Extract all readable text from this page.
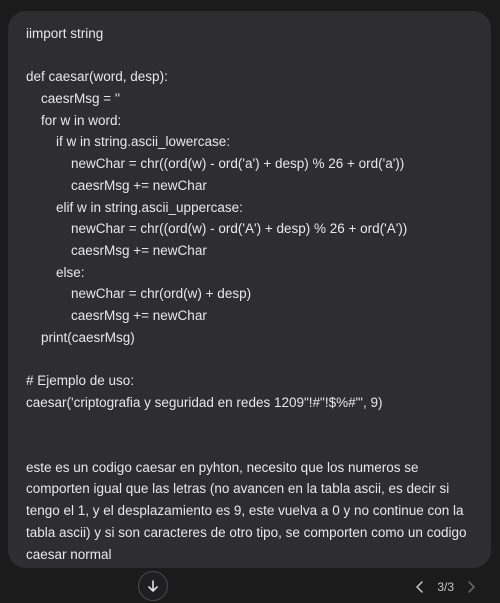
iimport string
def caesar(word, desp):
caesrMsg = ''
for w in word:
if w in string.ascii_lowercase:
newChar = chr((ord(w) - ord('a') + desp) % 26 + ord('a'))
caesrMsg += newChar
elif w in string.ascii_uppercase:
newChar = chr((ord(w) - ord('A') + desp) % 26 + ord('A'))
caesrMsg += newChar
else:
newChar = chr(ord(w) + desp)
caesrMsg += newChar
print(caesrMsg)
# Ejemplo de uso:
caesar('criptografia y seguridad en redes 1209"!#"!$%#"', 9)
este es un codigo caesar en pyhton, necesito que los numeros se comporten igual que las letras (no avancen en la tabla ascii, es decir si tengo el 1, y el desplazamiento es 9, este vuelva a 0 y no continue con la tabla ascii) y si son caracteres de otro tipo, se comporten como un codigo caesar normal
3/3
